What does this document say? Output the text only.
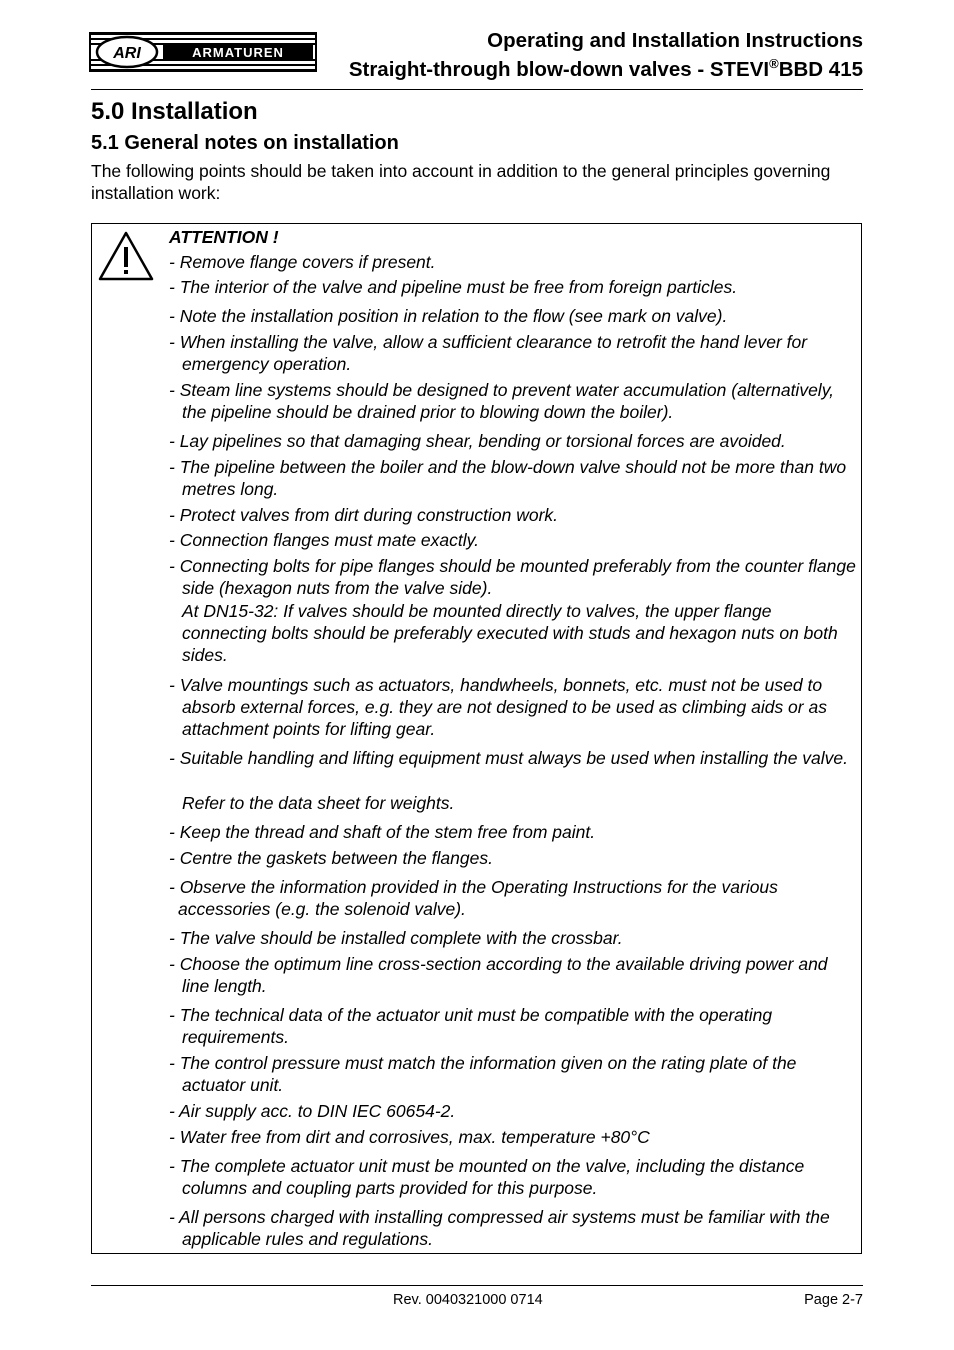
ARI	ARMATUREN
Operating and Installation Instructions
Straight-through blow-down valves - STEVI®BBD 415
5.0 Installation
5.1 General notes on installation

The following points should be taken into account in addition to the general principles governing installation work:

ATTENTION !

- Remove flange covers if present.

- The interior of the valve and pipeline must be free from foreign particles.

- Note the installation position in relation to the flow (see mark on valve).

- When installing the valve, allow a sufficient clearance to retrofit the hand lever for emergency operation.

- Steam line systems should be designed to prevent water accumulation (alternatively, the pipeline should be drained prior to blowing down the boiler).

- Lay pipelines so that damaging shear, bending or torsional forces are avoided.

- The pipeline between the boiler and the blow-down valve should not be more than two metres long.

- Protect valves from dirt during construction work.

- Connection flanges must mate exactly.

- Connecting bolts for pipe flanges should be mounted preferably from the counter flange side (hexagon nuts from the valve side).

At DN15-32: If valves should be mounted directly to valves, the upper flange connecting bolts should be preferably executed with studs and hexagon nuts on both sides.

- Valve mountings such as actuators, handwheels, bonnets, etc. must not be used to absorb external forces, e.g. they are not designed to be used as climbing aids or as attachment points for lifting gear.

- Suitable handling and lifting equipment must always be used when installing the valve.

Refer to the data sheet for weights.

- Keep the thread and shaft of the stem free from paint.

- Centre the gaskets between the flanges.

- Observe the information provided in the Operating Instructions for the various accessories (e.g. the solenoid valve).

- The valve should be installed complete with the crossbar.

- Choose the optimum line cross-section according to the available driving power and line length.

- The technical data of the actuator unit must be compatible with the operating requirements.

- The control pressure must match the information given on the rating plate of the actuator unit.

- Air supply acc. to DIN IEC 60654-2.

- Water free from dirt and corrosives, max. temperature +80°C

- The complete actuator unit must be mounted on the valve, including the distance columns and coupling parts provided for this purpose.

- All persons charged with installing compressed air systems must be familiar with the applicable rules and regulations.

Rev. 0040321000 0714	Page 2-7
